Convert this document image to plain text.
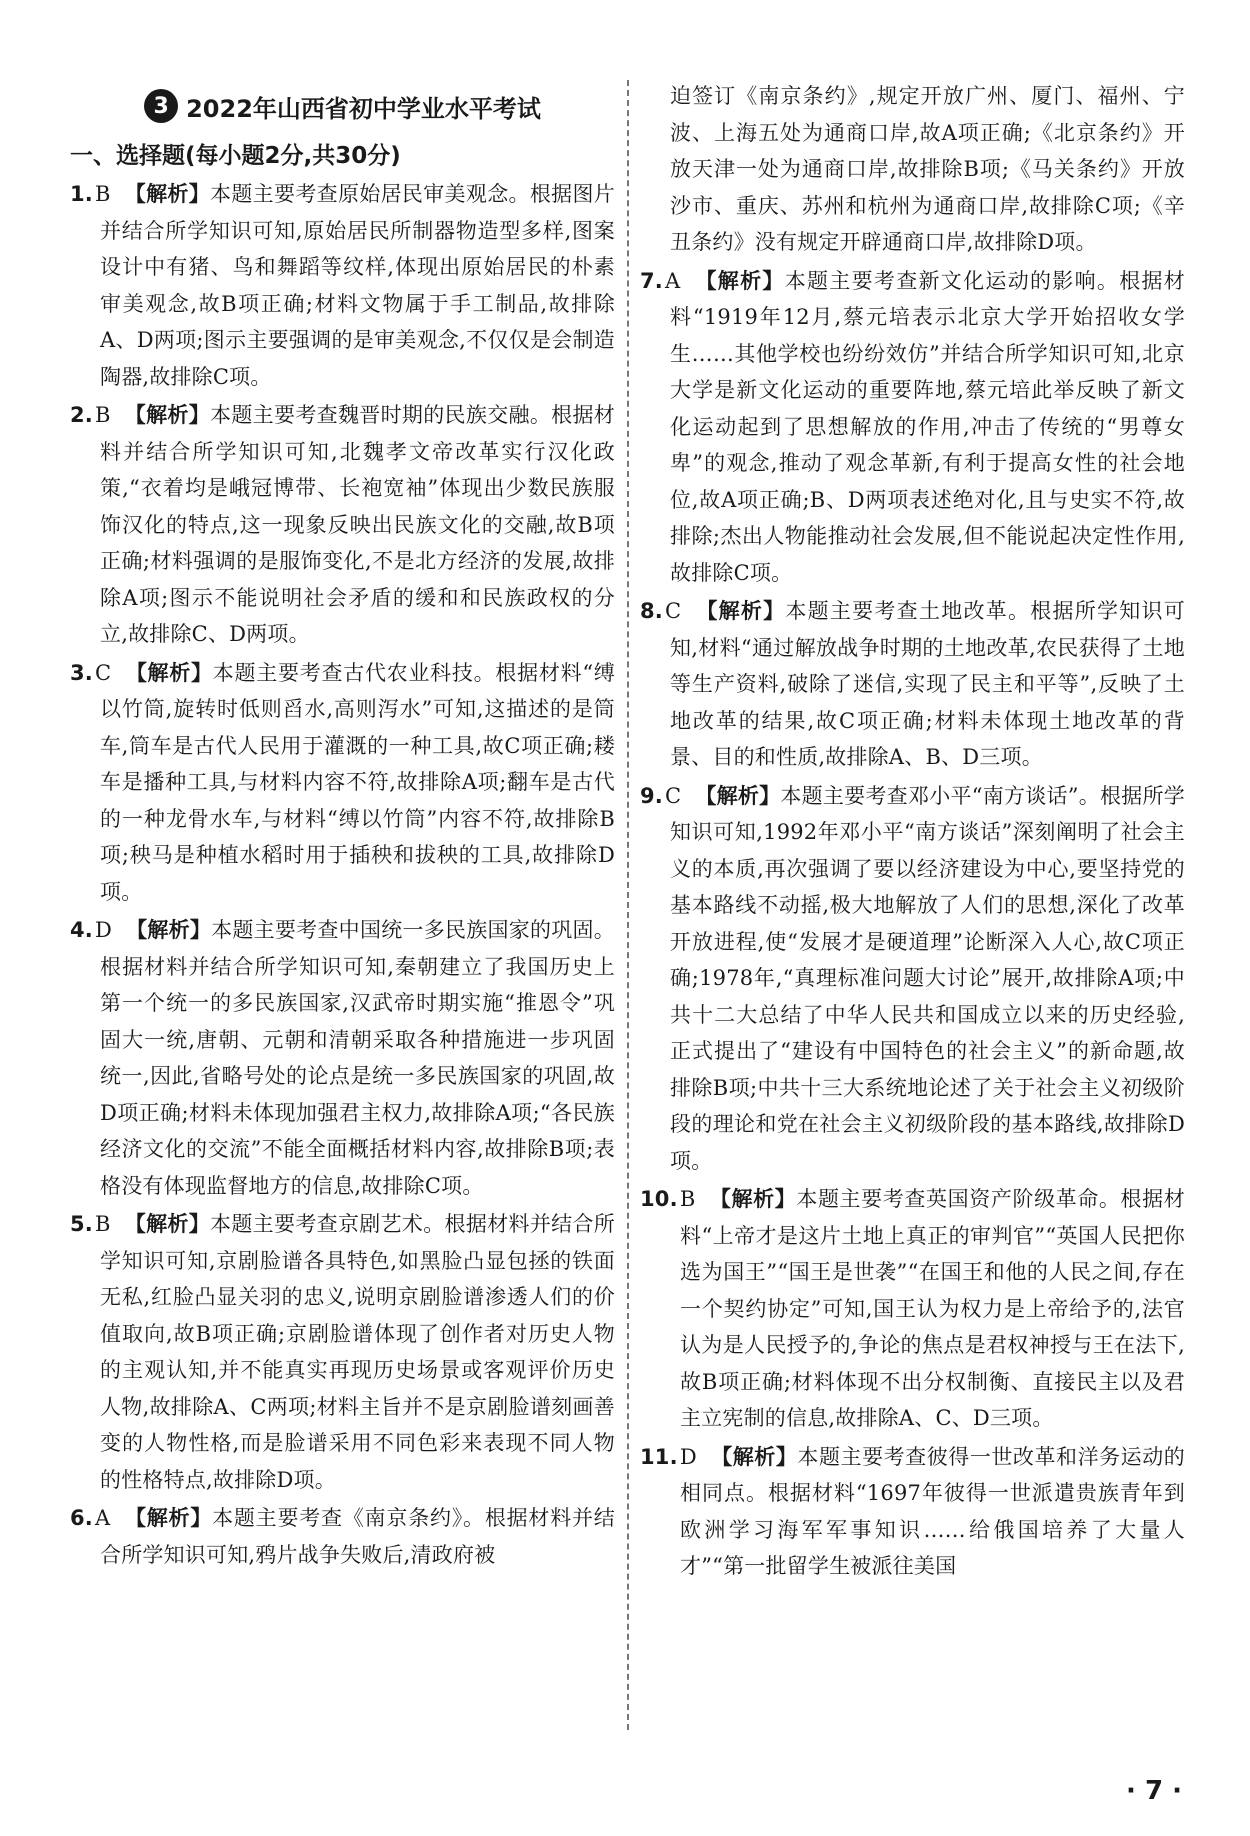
3 2022年山西省初中学业水平考试
一、选择题(每小题2分,共30分)

1.B 【解析】本题主要考查原始居民审美观念。根据图片并结合所学知识可知,原始居民所制器物造型多样,图案设计中有猪、鸟和舞蹈等纹样,体现出原始居民的朴素审美观念,故B项正确;材料文物属于手工制品,故排除A、D两项;图示主要强调的是审美观念,不仅仅是会制造陶器,故排除C项。

2.B 【解析】本题主要考查魏晋时期的民族交融。根据材料并结合所学知识可知,北魏孝文帝改革实行汉化政策,“衣着均是峨冠博带、长袍宽袖”体现出少数民族服饰汉化的特点,这一现象反映出民族文化的交融,故B项正确;材料强调的是服饰变化,不是北方经济的发展,故排除A项;图示不能说明社会矛盾的缓和和民族政权的分立,故排除C、D两项。

3.C 【解析】本题主要考查古代农业科技。根据材料“缚以竹筒,旋转时低则舀水,高则泻水”可知,这描述的是筒车,筒车是古代人民用于灌溉的一种工具,故C项正确;耧车是播种工具,与材料内容不符,故排除A项;翻车是古代的一种龙骨水车,与材料“缚以竹筒”内容不符,故排除B项;秧马是种植水稻时用于插秧和拔秧的工具,故排除D项。

4.D 【解析】本题主要考查中国统一多民族国家的巩固。根据材料并结合所学知识可知,秦朝建立了我国历史上第一个统一的多民族国家,汉武帝时期实施“推恩令”巩固大一统,唐朝、元朝和清朝采取各种措施进一步巩固统一,因此,省略号处的论点是统一多民族国家的巩固,故D项正确;材料未体现加强君主权力,故排除A项;“各民族经济文化的交流”不能全面概括材料内容,故排除B项;表格没有体现监督地方的信息,故排除C项。

5.B 【解析】本题主要考查京剧艺术。根据材料并结合所学知识可知,京剧脸谱各具特色,如黑脸凸显包拯的铁面无私,红脸凸显关羽的忠义,说明京剧脸谱渗透人们的价值取向,故B项正确;京剧脸谱体现了创作者对历史人物的主观认知,并不能真实再现历史场景或客观评价历史人物,故排除A、C两项;材料主旨并不是京剧脸谱刻画善变的人物性格,而是脸谱采用不同色彩来表现不同人物的性格特点,故排除D项。

6.A 【解析】本题主要考查《南京条约》。根据材料并结合所学知识可知,鸦片战争失败后,清政府被

迫签订《南京条约》,规定开放广州、厦门、福州、宁波、上海五处为通商口岸,故A项正确;《北京条约》开放天津一处为通商口岸,故排除B项;《马关条约》开放沙市、重庆、苏州和杭州为通商口岸,故排除C项;《辛丑条约》没有规定开辟通商口岸,故排除D项。

7.A 【解析】本题主要考查新文化运动的影响。根据材料“1919年12月,蔡元培表示北京大学开始招收女学生……其他学校也纷纷效仿”并结合所学知识可知,北京大学是新文化运动的重要阵地,蔡元培此举反映了新文化运动起到了思想解放的作用,冲击了传统的“男尊女卑”的观念,推动了观念革新,有利于提高女性的社会地位,故A项正确;B、D两项表述绝对化,且与史实不符,故排除;杰出人物能推动社会发展,但不能说起决定性作用,故排除C项。

8.C 【解析】本题主要考查土地改革。根据所学知识可知,材料“通过解放战争时期的土地改革,农民获得了土地等生产资料,破除了迷信,实现了民主和平等”,反映了土地改革的结果,故C项正确;材料未体现土地改革的背景、目的和性质,故排除A、B、D三项。

9.C 【解析】本题主要考查邓小平“南方谈话”。根据所学知识可知,1992年邓小平“南方谈话”深刻阐明了社会主义的本质,再次强调了要以经济建设为中心,要坚持党的基本路线不动摇,极大地解放了人们的思想,深化了改革开放进程,使“发展才是硬道理”论断深入人心,故C项正确;1978年,“真理标准问题大讨论”展开,故排除A项;中共十二大总结了中华人民共和国成立以来的历史经验,正式提出了“建设有中国特色的社会主义”的新命题,故排除B项;中共十三大系统地论述了关于社会主义初级阶段的理论和党在社会主义初级阶段的基本路线,故排除D项。

10.B 【解析】本题主要考查英国资产阶级革命。根据材料“上帝才是这片土地上真正的审判官”“英国人民把你选为国王”“国王是世袭”“在国王和他的人民之间,存在一个契约协定”可知,国王认为权力是上帝给予的,法官认为是人民授予的,争论的焦点是君权神授与王在法下,故B项正确;材料体现不出分权制衡、直接民主以及君主立宪制的信息,故排除A、C、D三项。

11.D 【解析】本题主要考查彼得一世改革和洋务运动的相同点。根据材料“1697年彼得一世派遣贵族青年到欧洲学习海军军事知识……给俄国培养了大量人才”“第一批留学生被派往美国

· 7 ·
